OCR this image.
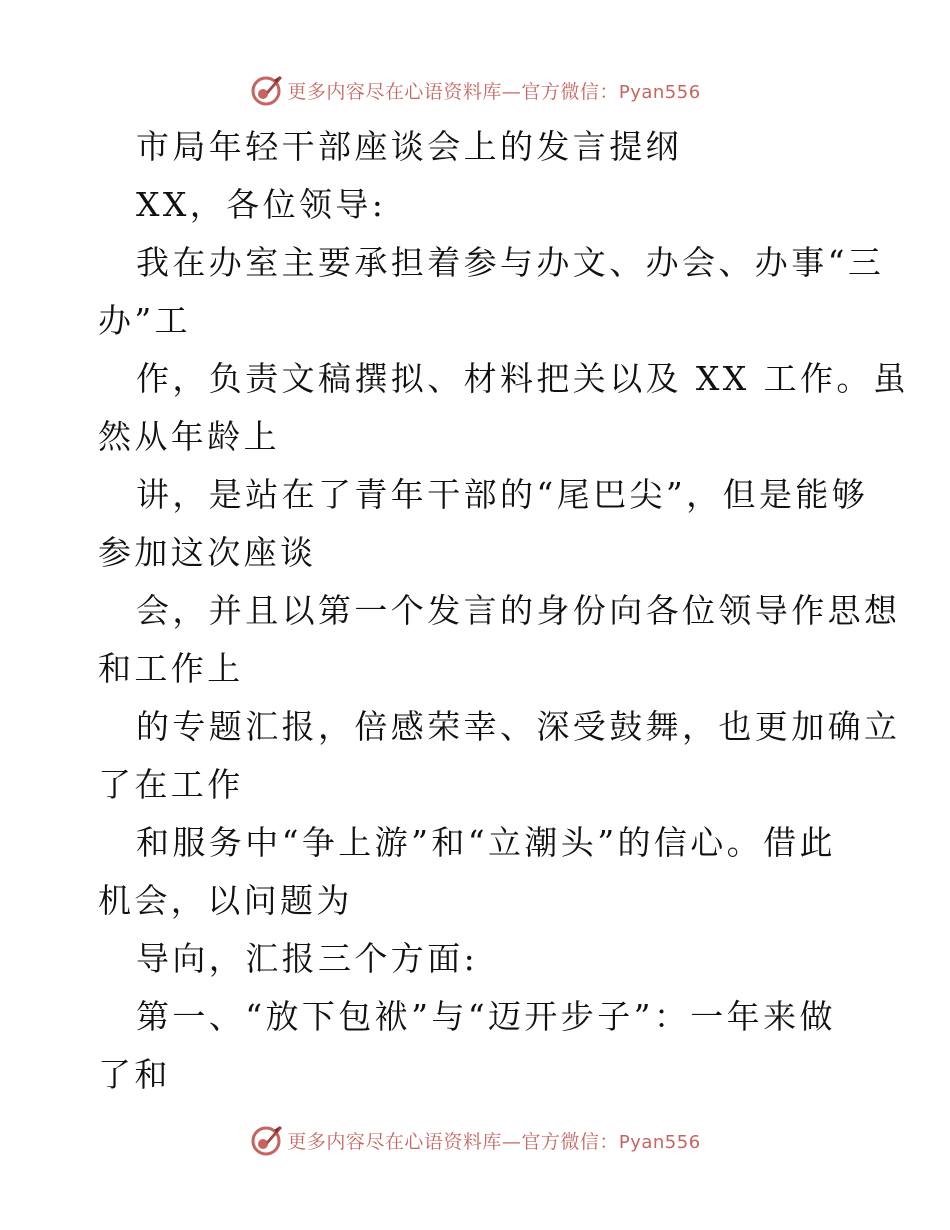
更多内容尽在心语资料库—官方微信：Pyan556
市局年轻干部座谈会上的发言提纲
XX，各位领导:
我在办室主要承担着参与办文、办会、办事“三
办”工
作，负责文稿撰拟、材料把关以及 XX 工作。虽
然从年龄上
讲，是站在了青年干部的“尾巴尖”，但是能够
参加这次座谈
会，并且以第一个发言的身份向各位领导作思想
和工作上
的专题汇报，倍感荣幸、深受鼓舞，也更加确立
了在工作
和服务中“争上游”和“立潮头”的信心。借此
机会，以问题为
导向，汇报三个方面:
第一、“放下包袱”与“迈开步子”：一年来做
了和
更多内容尽在心语资料库—官方微信：Pyan556
